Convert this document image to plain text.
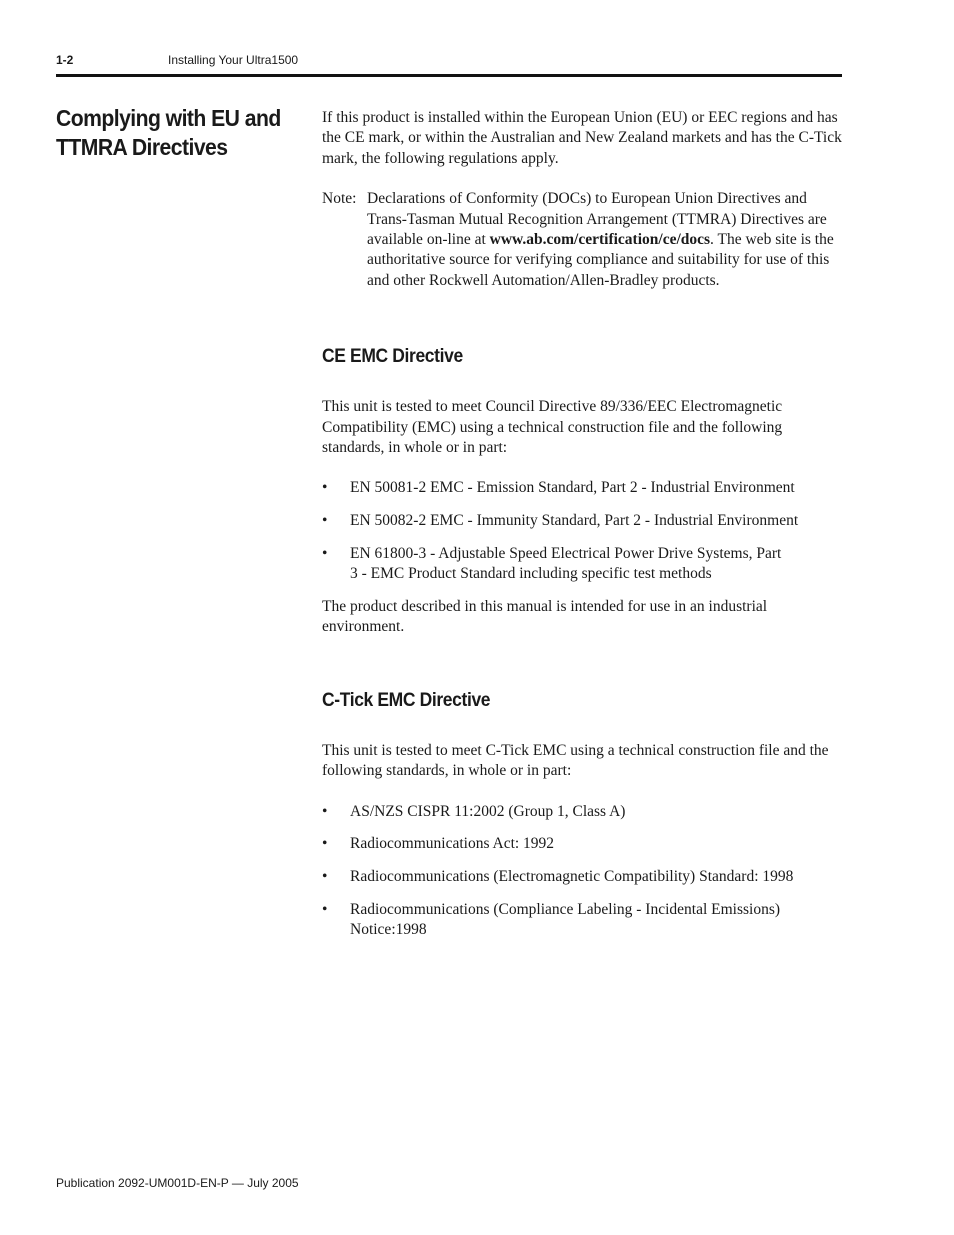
1-2	Installing Your Ultra1500
Complying with EU and TTMRA Directives

If this product is installed within the European Union (EU) or EEC regions and has the CE mark, or within the Australian and New Zealand markets and has the C-Tick mark, the following regulations apply.

Note: Declarations of Conformity (DOCs) to European Union Directives and Trans-Tasman Mutual Recognition Arrangement (TTMRA) Directives are available on-line at www.ab.com/certification/ce/docs. The web site is the authoritative source for verifying compliance and suitability for use of this and other Rockwell Automation/Allen-Bradley products.
CE EMC Directive

This unit is tested to meet Council Directive 89/336/EEC Electromagnetic Compatibility (EMC) using a technical construction file and the following standards, in whole or in part:

•	EN 50081-2 EMC - Emission Standard, Part 2 - Industrial Environment
•	EN 50082-2 EMC - Immunity Standard, Part 2 - Industrial Environment
•	EN 61800-3 - Adjustable Speed Electrical Power Drive Systems, Part 3 - EMC Product Standard including specific test methods

The product described in this manual is intended for use in an industrial environment.

C-Tick EMC Directive

This unit is tested to meet C-Tick EMC using a technical construction file and the following standards, in whole or in part:

•	AS/NZS CISPR 11:2002 (Group 1, Class A)
•	Radiocommunications Act: 1992
•	Radiocommunications (Electromagnetic Compatibility) Standard: 1998
•	Radiocommunications (Compliance Labeling - Incidental Emissions) Notice:1998
Publication 2092-UM001D-EN-P — July 2005
